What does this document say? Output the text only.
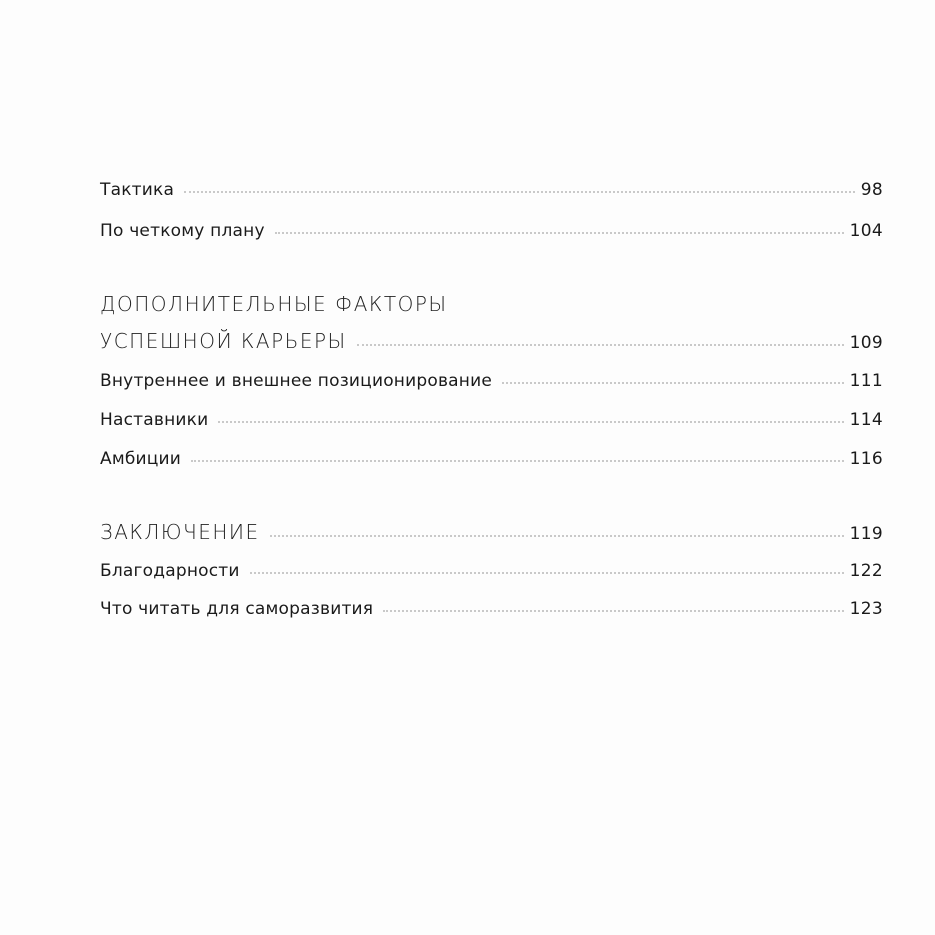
Тактика	98
По четкому плану	104
ДОПОЛНИТЕЛЬНЫЕ ФАКТОРЫ
УСПЕШНОЙ КАРЬЕРЫ	109
Внутреннее и внешнее позиционирование	111
Наставники	114
Амбиции	116
ЗАКЛЮЧЕНИЕ	119
Благодарности	122
Что читать для саморазвития	123
